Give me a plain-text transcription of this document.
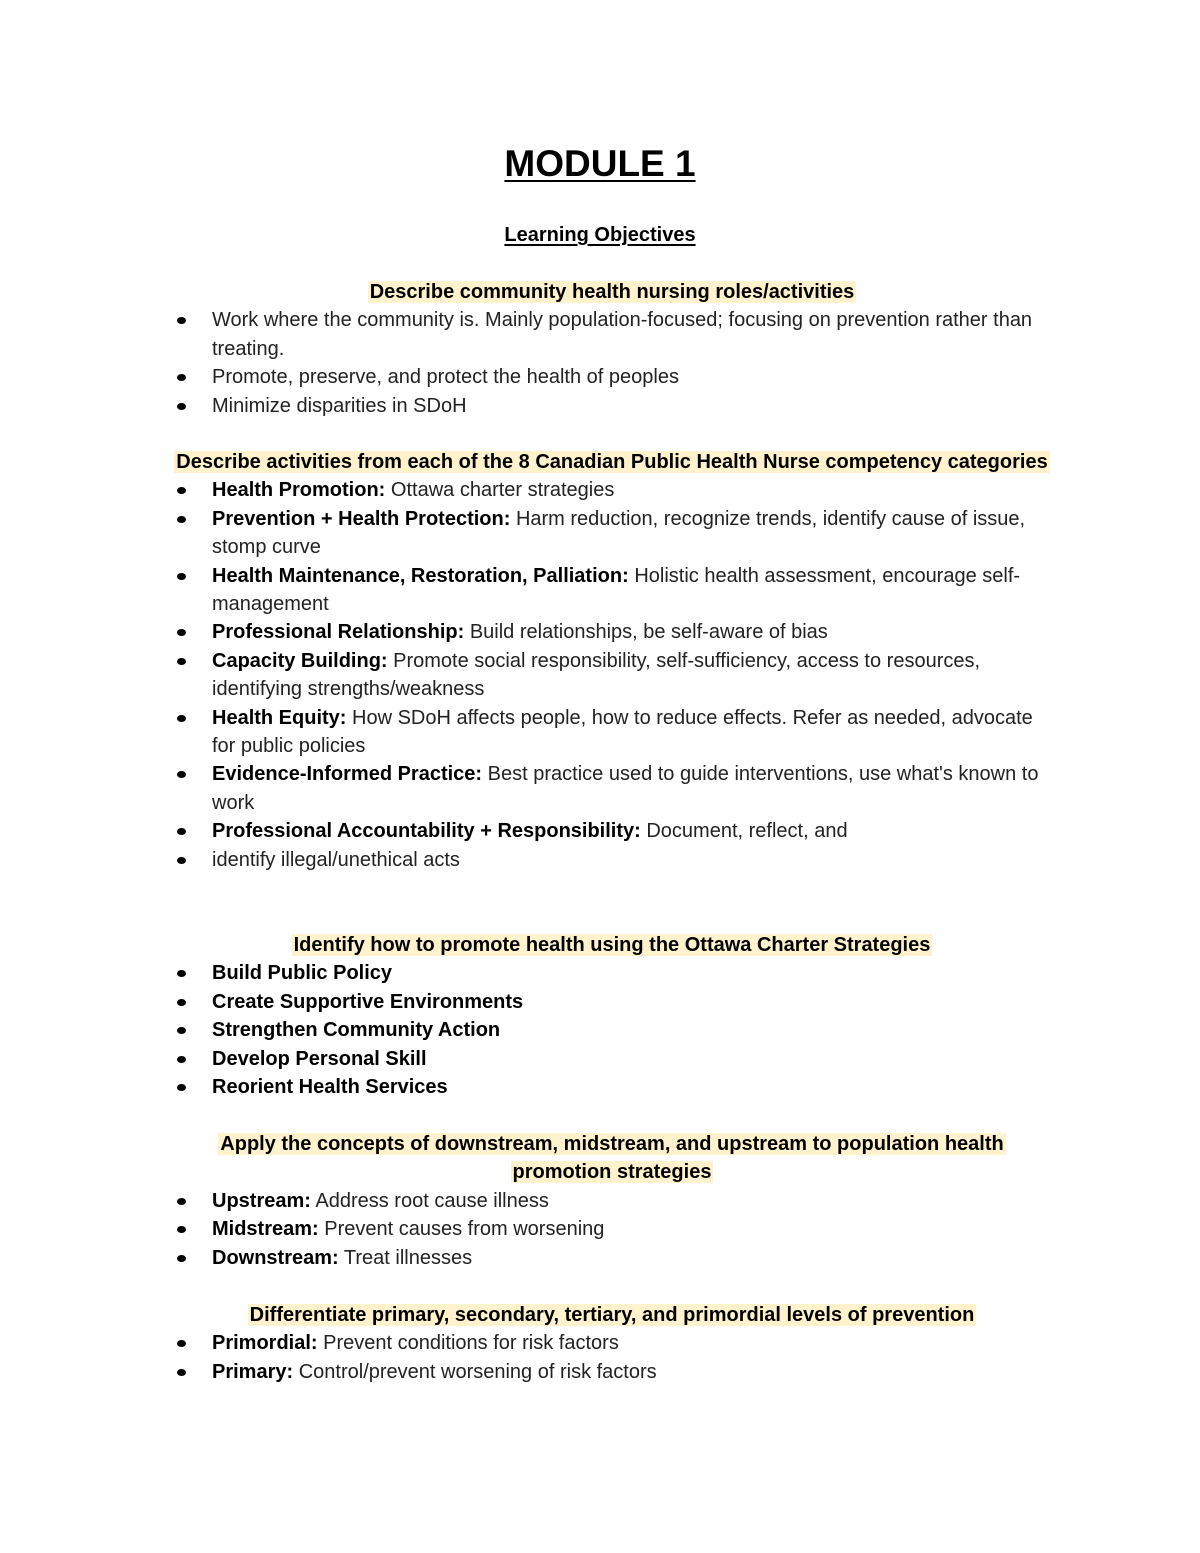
MODULE 1
Learning Objectives

Describe community health nursing roles/activities

Work where the community is. Mainly population-focused; focusing on prevention rather than treating.
Promote, preserve, and protect the health of peoples
Minimize disparities in SDoH

Describe activities from each of the 8 Canadian Public Health Nurse competency categories

Health Promotion: Ottawa charter strategies
Prevention + Health Protection: Harm reduction, recognize trends, identify cause of issue, stomp curve
Health Maintenance, Restoration, Palliation: Holistic health assessment, encourage self-management
Professional Relationship: Build relationships, be self-aware of bias
Capacity Building: Promote social responsibility, self-sufficiency, access to resources, identifying strengths/weakness
Health Equity: How SDoH affects people, how to reduce effects. Refer as needed, advocate for public policies
Evidence-Informed Practice: Best practice used to guide interventions, use what's known to work
Professional Accountability + Responsibility: Document, reflect, and
identify illegal/unethical acts

Identify how to promote health using the Ottawa Charter Strategies

Build Public Policy
Create Supportive Environments
Strengthen Community Action
Develop Personal Skill
Reorient Health Services

Apply the concepts of downstream, midstream, and upstream to population health promotion strategies

Upstream: Address root cause illness
Midstream: Prevent causes from worsening
Downstream: Treat illnesses

Differentiate primary, secondary, tertiary, and primordial levels of prevention

Primordial: Prevent conditions for risk factors
Primary: Control/prevent worsening of risk factors
